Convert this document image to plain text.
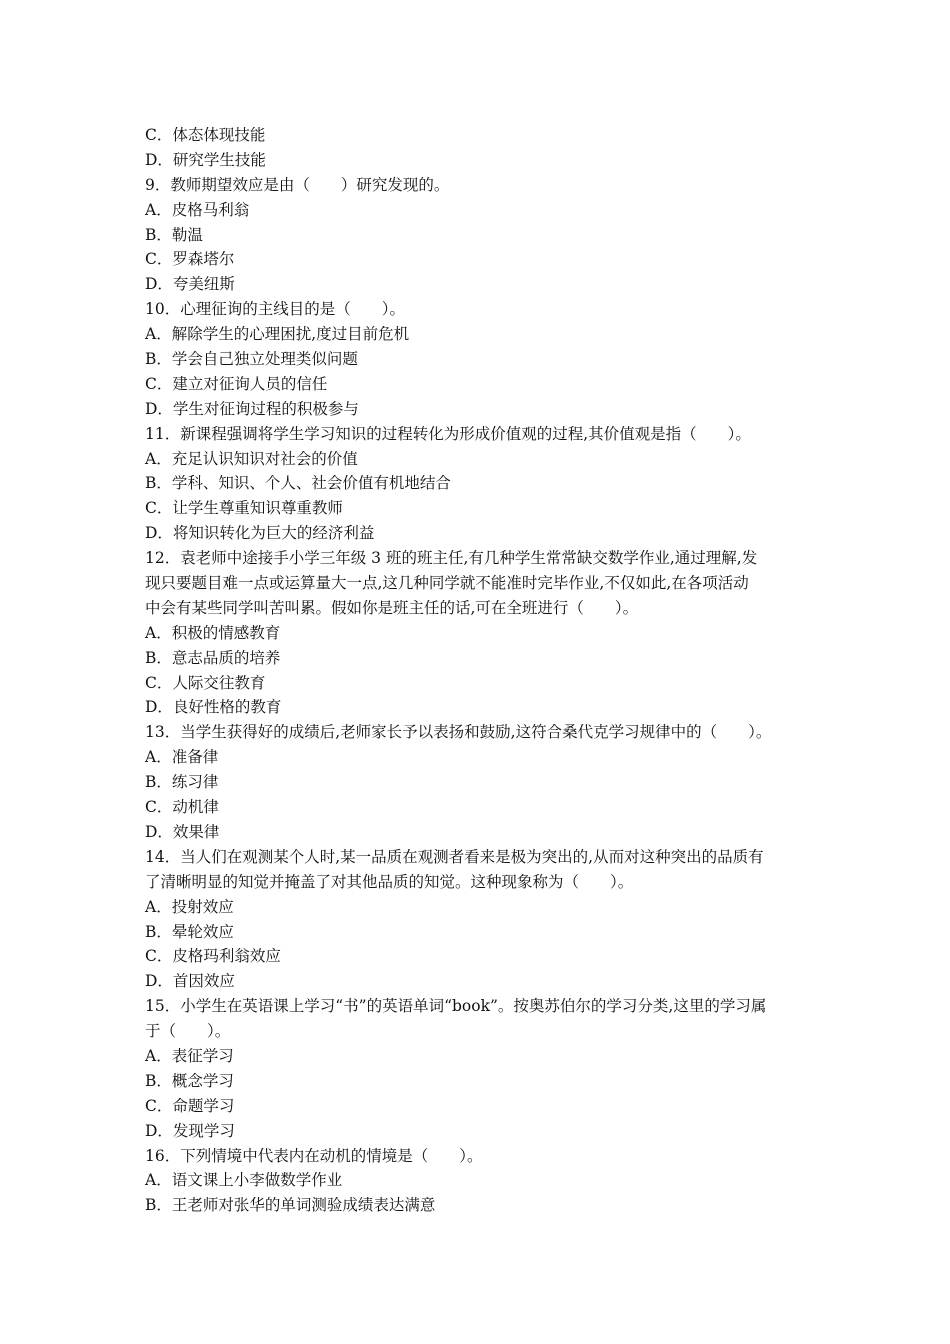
C．体态体现技能
D．研究学生技能
9．教师期望效应是由（　　）研究发现的。
A．皮格马利翁
B．勒温
C．罗森塔尔
D．夸美纽斯
10．心理征询的主线目的是（　　）。
A．解除学生的心理困扰,度过目前危机
B．学会自己独立处理类似问题
C．建立对征询人员的信任
D．学生对征询过程的积极参与
11．新课程强调将学生学习知识的过程转化为形成价值观的过程,其价值观是指（　　）。
A．充足认识知识对社会的价值
B．学科、知识、个人、社会价值有机地结合
C．让学生尊重知识尊重教师
D．将知识转化为巨大的经济利益
12．袁老师中途接手小学三年级 3 班的班主任,有几种学生常常缺交数学作业,通过理解,发
现只要题目难一点或运算量大一点,这几种同学就不能准时完毕作业,不仅如此,在各项活动
中会有某些同学叫苦叫累。假如你是班主任的话,可在全班进行（　　）。
A．积极的情感教育
B．意志品质的培养
C．人际交往教育
D．良好性格的教育
13．当学生获得好的成绩后,老师家长予以表扬和鼓励,这符合桑代克学习规律中的（　　）。
A．准备律
B．练习律
C．动机律
D．效果律
14．当人们在观测某个人时,某一品质在观测者看来是极为突出的,从而对这种突出的品质有
了清晰明显的知觉并掩盖了对其他品质的知觉。这种现象称为（　　）。
A．投射效应
B．晕轮效应
C．皮格玛利翁效应
D．首因效应
15．小学生在英语课上学习“书”的英语单词“book”。按奥苏伯尔的学习分类,这里的学习属
于（　　）。
A．表征学习
B．概念学习
C．命题学习
D．发现学习
16．下列情境中代表内在动机的情境是（　　）。
A．语文课上小李做数学作业
B．王老师对张华的单词测验成绩表达满意
